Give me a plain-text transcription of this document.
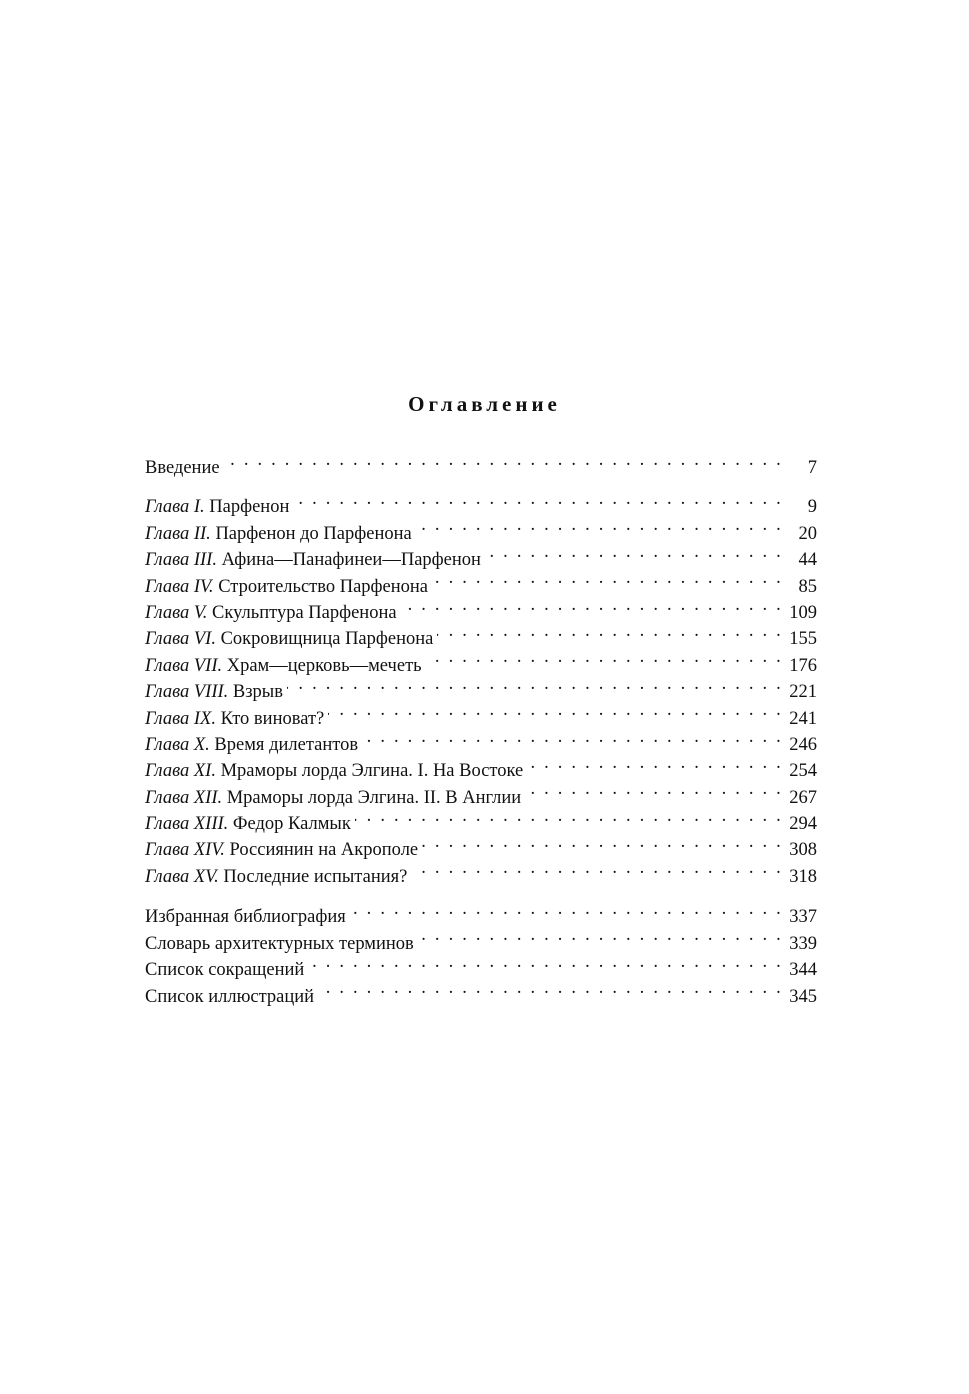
Оглавление
Введение . . .	7
Глава I. Парфенон . . .	9
Глава II. Парфенон до Парфенона . . .	20
Глава III. Афина—Панафинеи—Парфенон . . .	44
Глава IV. Строительство Парфенона . . .	85
Глава V. Скульптура Парфенона . . .	109
Глава VI. Сокровищница Парфенона . . .	155
Глава VII. Храм—церковь—мечеть . . .	176
Глава VIII. Взрыв . . .	221
Глава IX. Кто виноват? . . .	241
Глава X. Время дилетантов . . .	246
Глава XI. Мраморы лорда Элгина. I. На Востоке . . .	254
Глава XII. Мраморы лорда Элгина. II. В Англии . . .	267
Глава XIII. Федор Калмык . . .	294
Глава XIV. Россиянин на Акрополе . . .	308
Глава XV. Последние испытания? . . .	318
Избранная библиография . . .	337
Словарь архитектурных терминов . . .	339
Список сокращений . . .	344
Список иллюстраций . . .	345
